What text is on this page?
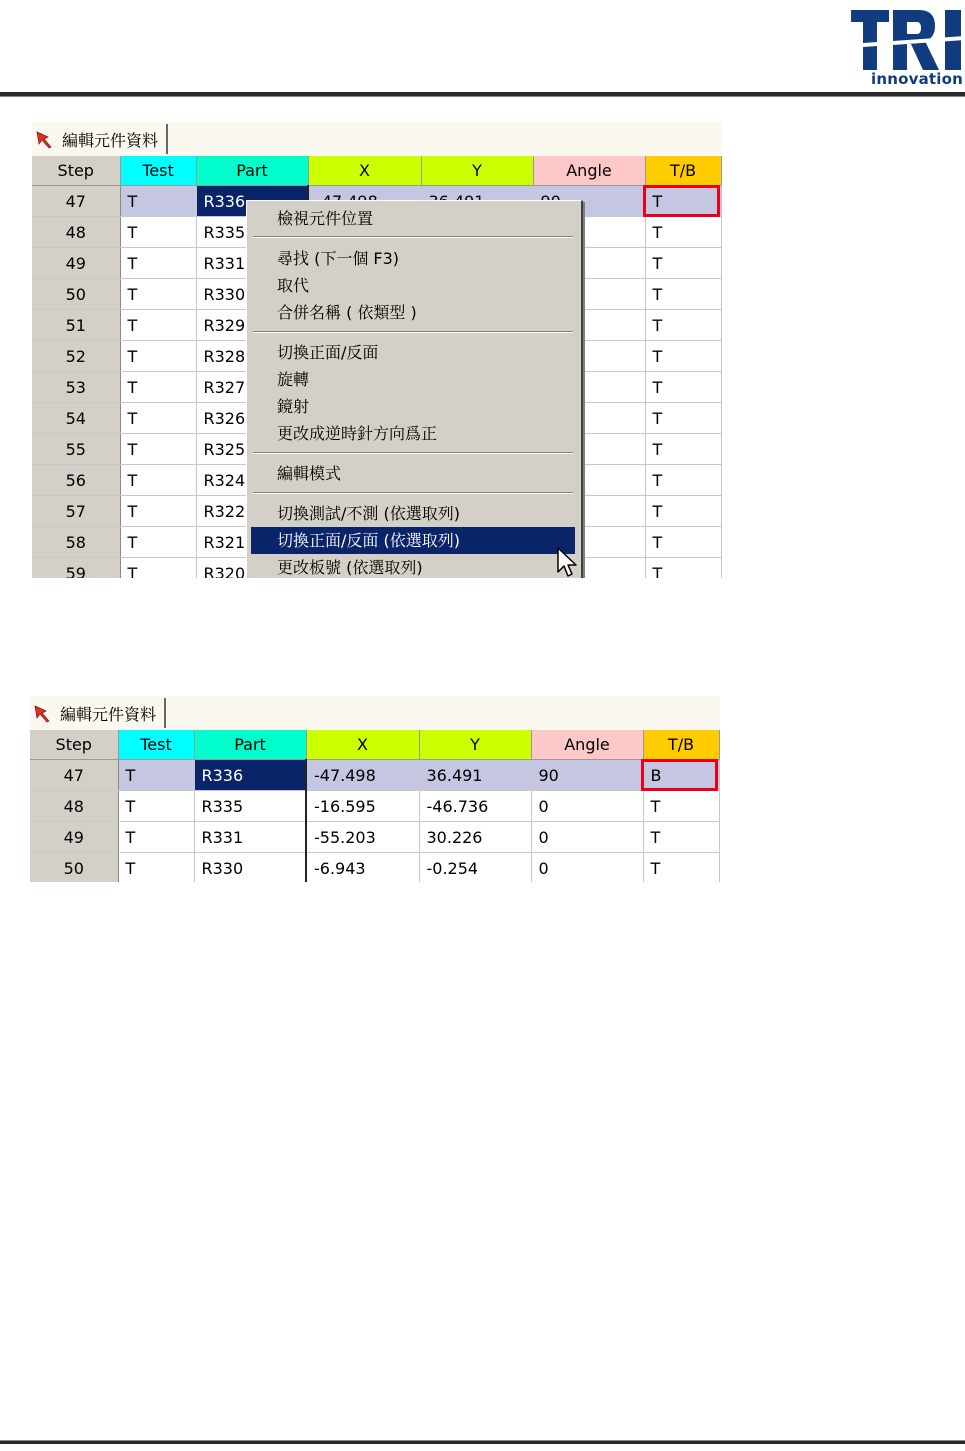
innovation
編輯元件資料
Step	Test	Part	X	Y	Angle	T/B
47	T	R336				T
48	T	R335				T
49	T	R331				T
50	T	R330				T
51	T	R329				T
52	T	R328				T
53	T	R327				T
54	T	R326				T
55	T	R325				T
56	T	R324				T
57	T	R322				T
58	T	R321				T
59	T	R320				T
檢視元件位置
尋找 (下一個 F3)
取代
合併名稱 ( 依類型 )
切換正面/反面
旋轉
鏡射
更改成逆時針方向爲正
編輯模式
切換測試/不測 (依選取列)
切換正面/反面 (依選取列)
更改板號 (依選取列)
編輯元件資料
Step	Test	Part	X	Y	Angle	T/B
47	T	R336	-47.498	36.491	90	B
48	T	R335	-16.595	-46.736	0	T
49	T	R331	-55.203	30.226	0	T
50	T	R330	-6.943	-0.254	0	T
